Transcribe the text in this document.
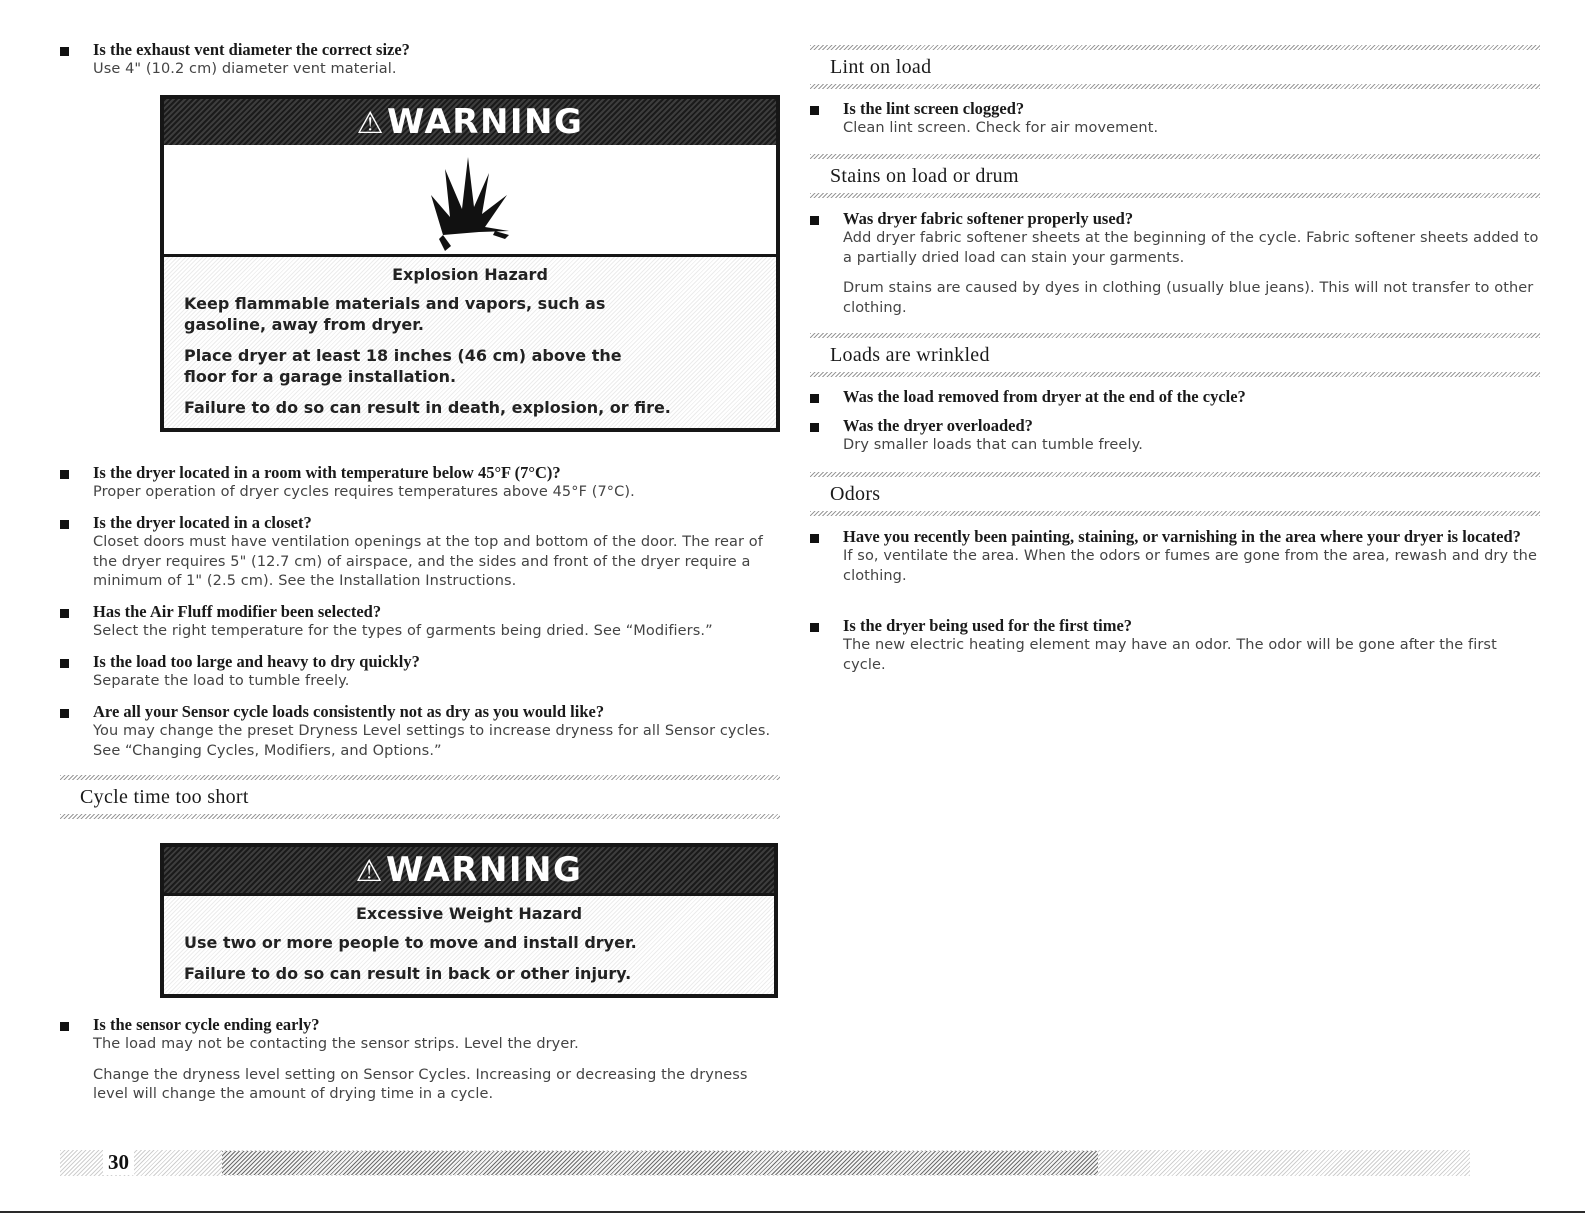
Is the exhaust vent diameter the correct size?
Use 4" (10.2 cm) diameter vent material.
⚠WARNING
Explosion Hazard
Keep flammable materials and vapors, such as gasoline, away from dryer.
Place dryer at least 18 inches (46 cm) above the floor for a garage installation.
Failure to do so can result in death, explosion, or fire.
Is the dryer located in a room with temperature below 45°F (7°C)?
Proper operation of dryer cycles requires temperatures above 45°F (7°C).
Is the dryer located in a closet?
Closet doors must have ventilation openings at the top and bottom of the door. The rear of the dryer requires 5" (12.7 cm) of airspace, and the sides and front of the dryer require a minimum of 1" (2.5 cm). See the Installation Instructions.
Has the Air Fluff modifier been selected?
Select the right temperature for the types of garments being dried. See “Modifiers.”
Is the load too large and heavy to dry quickly?
Separate the load to tumble freely.
Are all your Sensor cycle loads consistently not as dry as you would like?
You may change the preset Dryness Level settings to increase dryness for all Sensor cycles. See “Changing Cycles, Modifiers, and Options.”
Cycle time too short
⚠WARNING
Excessive Weight Hazard
Use two or more people to move and install dryer.
Failure to do so can result in back or other injury.
Is the sensor cycle ending early?
The load may not be contacting the sensor strips. Level the dryer.
Change the dryness level setting on Sensor Cycles. Increasing or decreasing the dryness level will change the amount of drying time in a cycle.
Lint on load
Is the lint screen clogged?
Clean lint screen. Check for air movement.
Stains on load or drum
Was dryer fabric softener properly used?
Add dryer fabric softener sheets at the beginning of the cycle. Fabric softener sheets added to a partially dried load can stain your garments.
Drum stains are caused by dyes in clothing (usually blue jeans). This will not transfer to other clothing.
Loads are wrinkled
Was the load removed from dryer at the end of the cycle?
Was the dryer overloaded?
Dry smaller loads that can tumble freely.
Odors
Have you recently been painting, staining, or varnishing in the area where your dryer is located?
If so, ventilate the area. When the odors or fumes are gone from the area, rewash and dry the clothing.
Is the dryer being used for the first time?
The new electric heating element may have an odor. The odor will be gone after the first cycle.
30
